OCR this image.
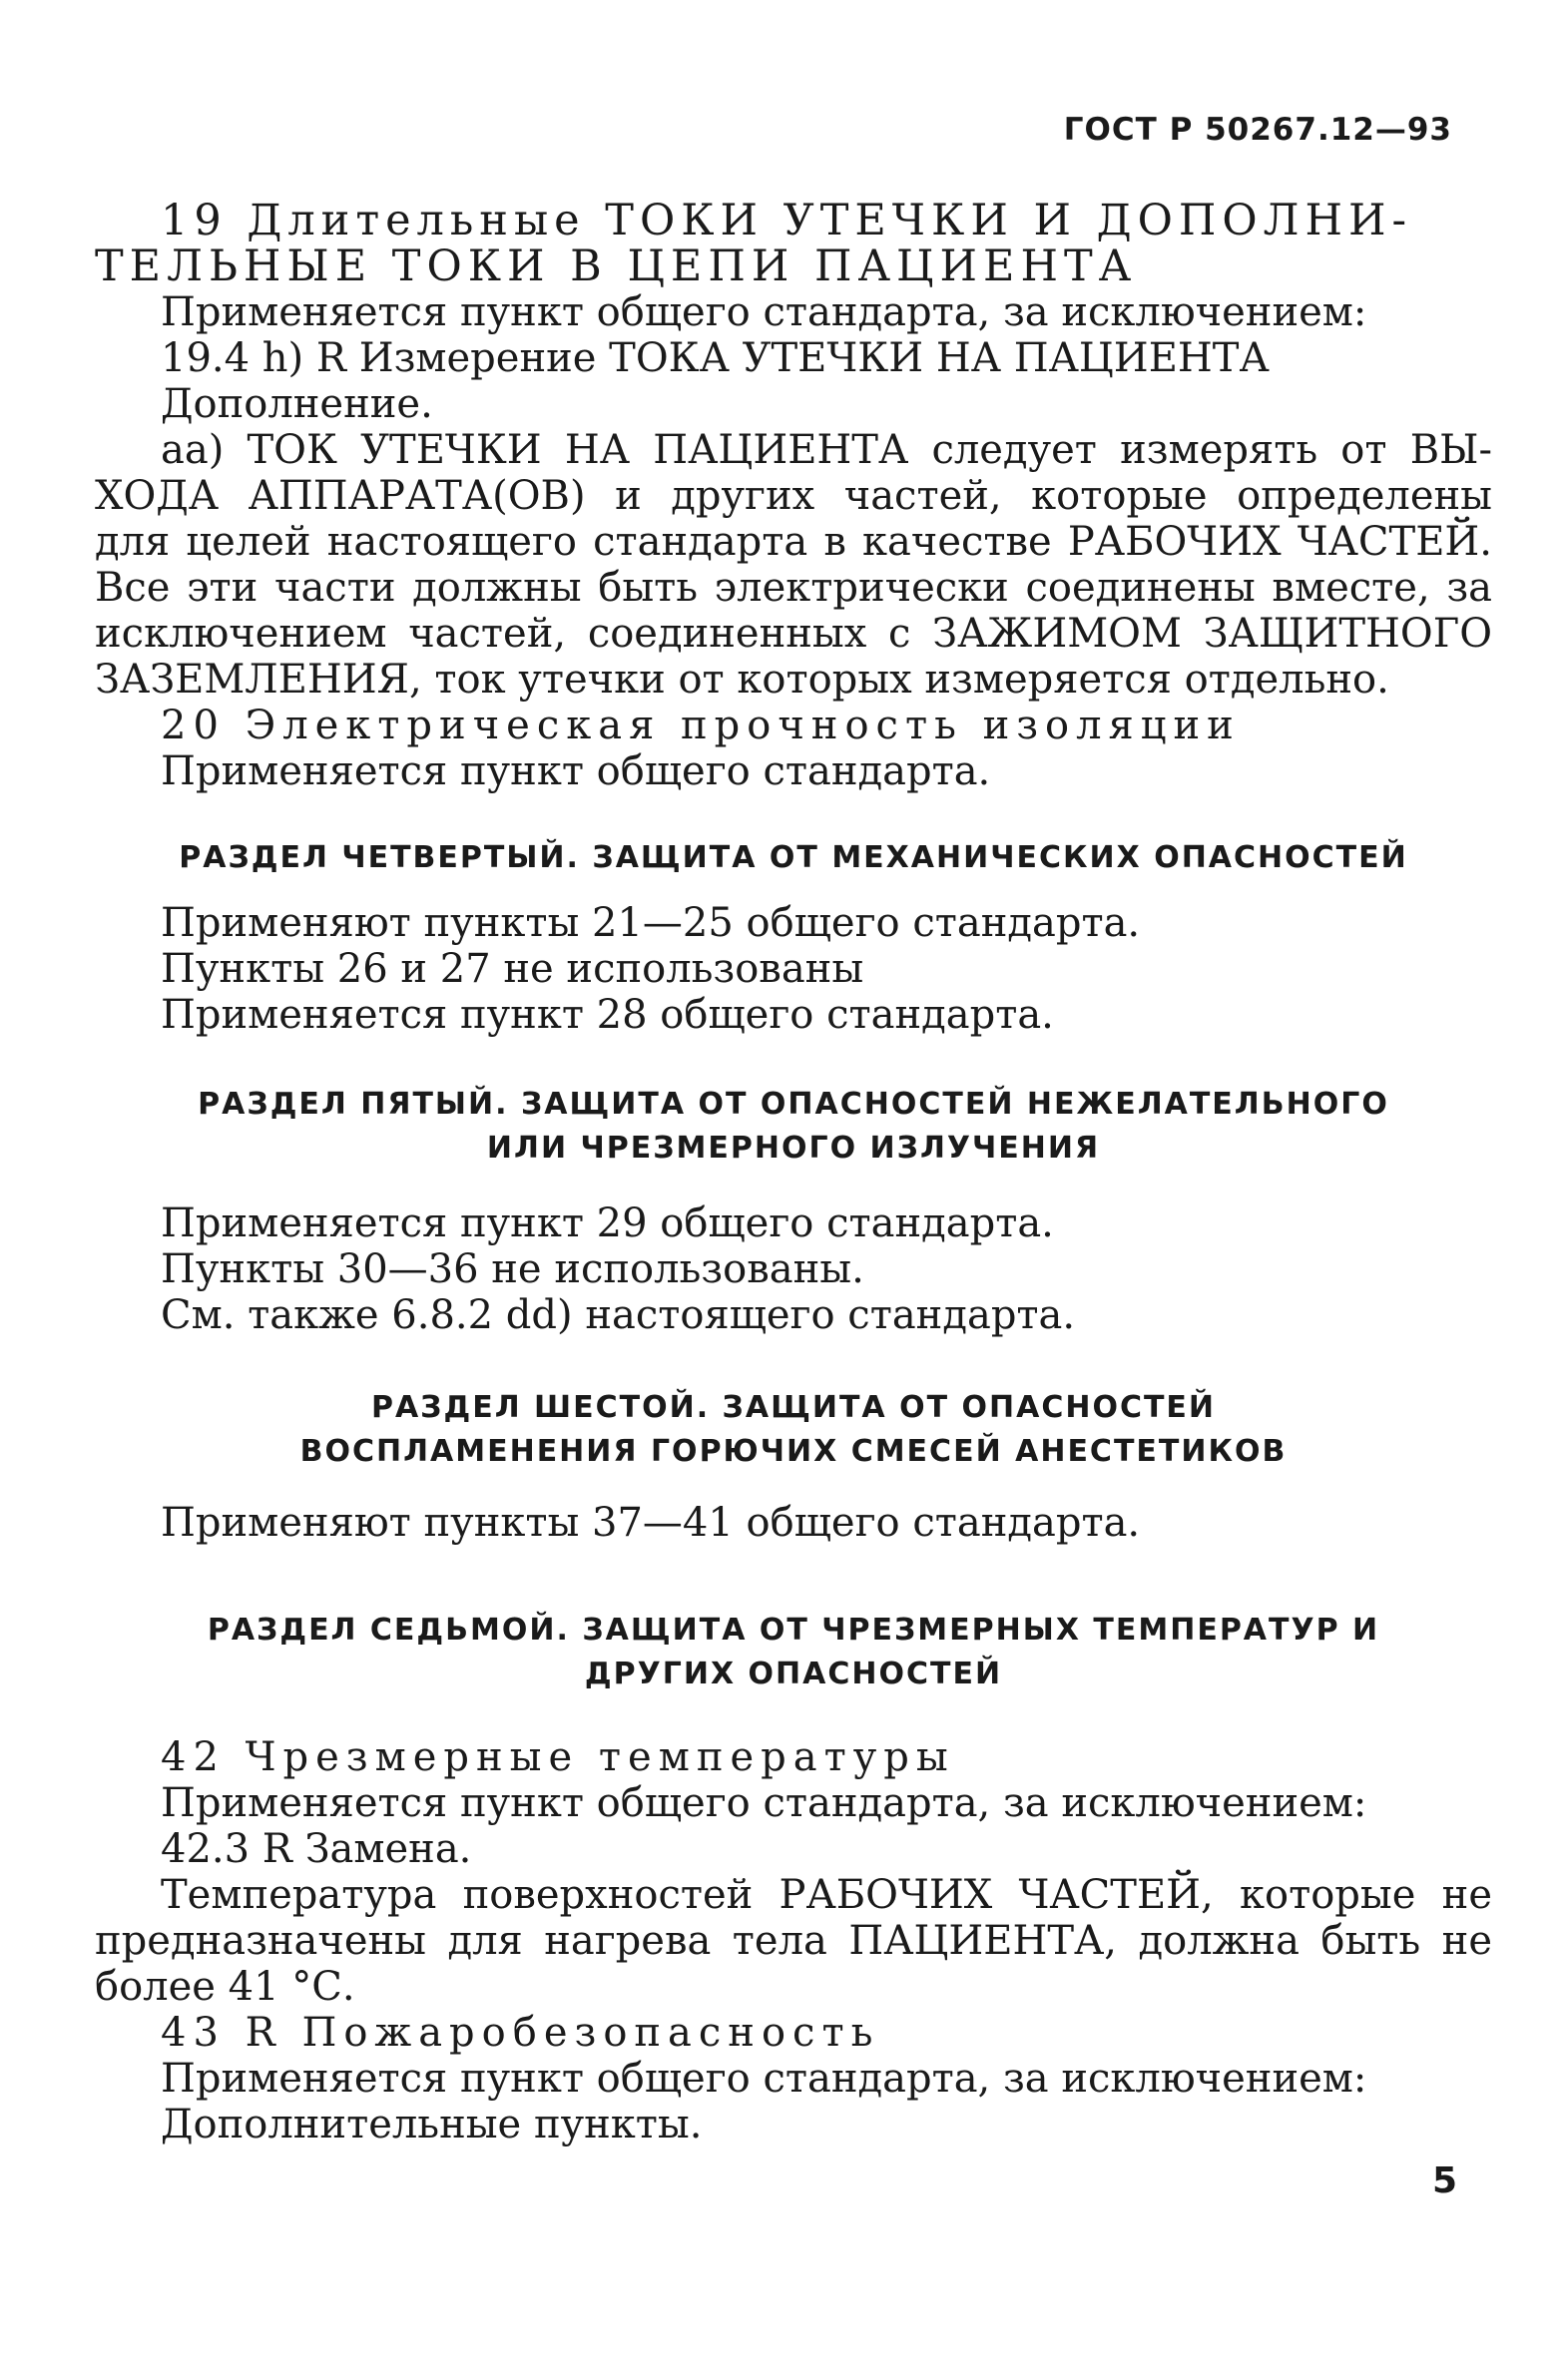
ГОСТ Р 50267.12—93
19 Длительные ТОКИ УТЕЧКИ И ДОПОЛНИ-
ТЕЛЬНЫЕ ТОКИ В ЦЕПИ ПАЦИЕНТА
Применяется пункт общего стандарта, за исключением:
19.4 h) R Измерение ТОКА УТЕЧКИ НА ПАЦИЕНТА
Дополнение.
аа) ТОК УТЕЧКИ НА ПАЦИЕНТА следует измерять от ВЫ-
ХОДА АППАРАТА(ОВ) и других частей, которые определены
для целей настоящего стандарта в качестве РАБОЧИХ ЧАСТЕЙ.
Все эти части должны быть электрически соединены вместе, за
исключением частей, соединенных с ЗАЖИМОМ ЗАЩИТНОГО
ЗАЗЕМЛЕНИЯ, ток утечки от которых измеряется отдельно.
20 Электрическая прочность изоляции
Применяется пункт общего стандарта.
РАЗДЕЛ ЧЕТВЕРТЫЙ. ЗАЩИТА ОТ МЕХАНИЧЕСКИХ ОПАСНОСТЕЙ
Применяют пункты 21—25 общего стандарта.
Пункты 26 и 27 не использованы
Применяется пункт 28 общего стандарта.
РАЗДЕЛ ПЯТЫЙ. ЗАЩИТА ОТ ОПАСНОСТЕЙ НЕЖЕЛАТЕЛЬНОГО
ИЛИ ЧРЕЗМЕРНОГО ИЗЛУЧЕНИЯ
Применяется пункт 29 общего стандарта.
Пункты 30—36 не использованы.
См. также 6.8.2 dd) настоящего стандарта.
РАЗДЕЛ ШЕСТОЙ. ЗАЩИТА ОТ ОПАСНОСТЕЙ
ВОСПЛАМЕНЕНИЯ ГОРЮЧИХ СМЕСЕЙ АНЕСТЕТИКОВ
Применяют пункты 37—41 общего стандарта.
РАЗДЕЛ СЕДЬМОЙ. ЗАЩИТА ОТ ЧРЕЗМЕРНЫХ ТЕМПЕРАТУР И
ДРУГИХ ОПАСНОСТЕЙ
42 Чрезмерные температуры
Применяется пункт общего стандарта, за исключением:
42.3 R Замена.
Температура поверхностей РАБОЧИХ ЧАСТЕЙ, которые не
предназначены для нагрева тела ПАЦИЕНТА, должна быть не
более 41 °С.
43 R Пожаробезопасность
Применяется пункт общего стандарта, за исключением:
Дополнительные пункты.
5
